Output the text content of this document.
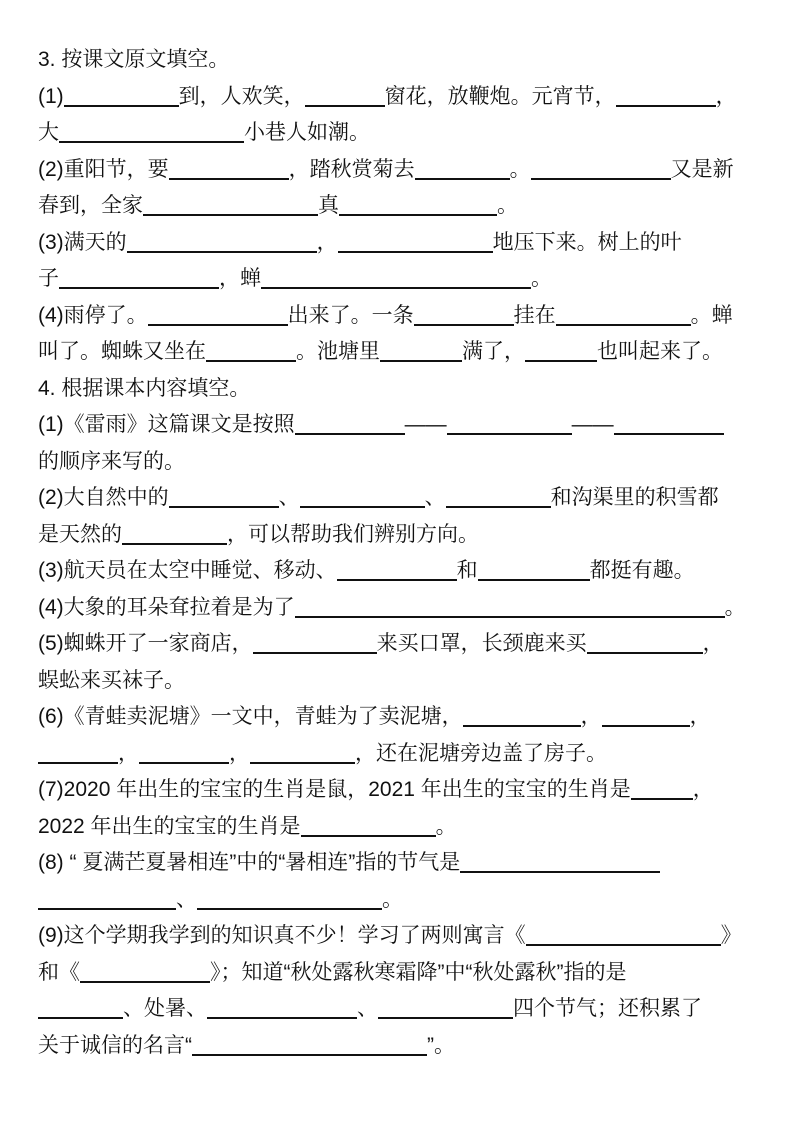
3. 按课文原文填空。

(1)	到，人欢笑，	窗花，放鞭炮。元宵节，	，

大	小巷人如潮。

(2)重阳节，要	，踏秋赏菊去	。	又是新

春到，全家	真	。

(3)满天的	，	地压下来。树上的叶

子	，蝉	。

(4)雨停了。	出来了。一条	挂在	。蝉

叫了。蜘蛛又坐在	。池塘里	满了，	也叫起来了。

4. 根据课本内容填空。

(1)《雷雨》这篇课文是按照	——	——

的顺序来写的。

(2)大自然中的	、	、	和沟渠里的积雪都

是天然的	，可以帮助我们辨别方向。

(3)航天员在太空中睡觉、移动、	和	都挺有趣。

(4)大象的耳朵耷拉着是为了	。

(5)蜘蛛开了一家商店，	来买口罩，长颈鹿来买	，

蜈蚣来买袜子。

(6)《青蛙卖泥塘》一文中，青蛙为了卖泥塘，	，	，

，	，	，还在泥塘旁边盖了房子。

(7)2020 年出生的宝宝的生肖是鼠，2021 年出生的宝宝的生肖是	，

2022 年出生的宝宝的生肖是	。

(8) “ 夏满芒夏暑相连”中的“暑相连”指的节气是

、	。

(9)这个学期我学到的知识真不少！学习了两则寓言《	》

和《	》；知道“秋处露秋寒霜降”中“秋处露秋”指的是

、处暑、	、	四个节气；还积累了

关于诚信的名言“	”。
